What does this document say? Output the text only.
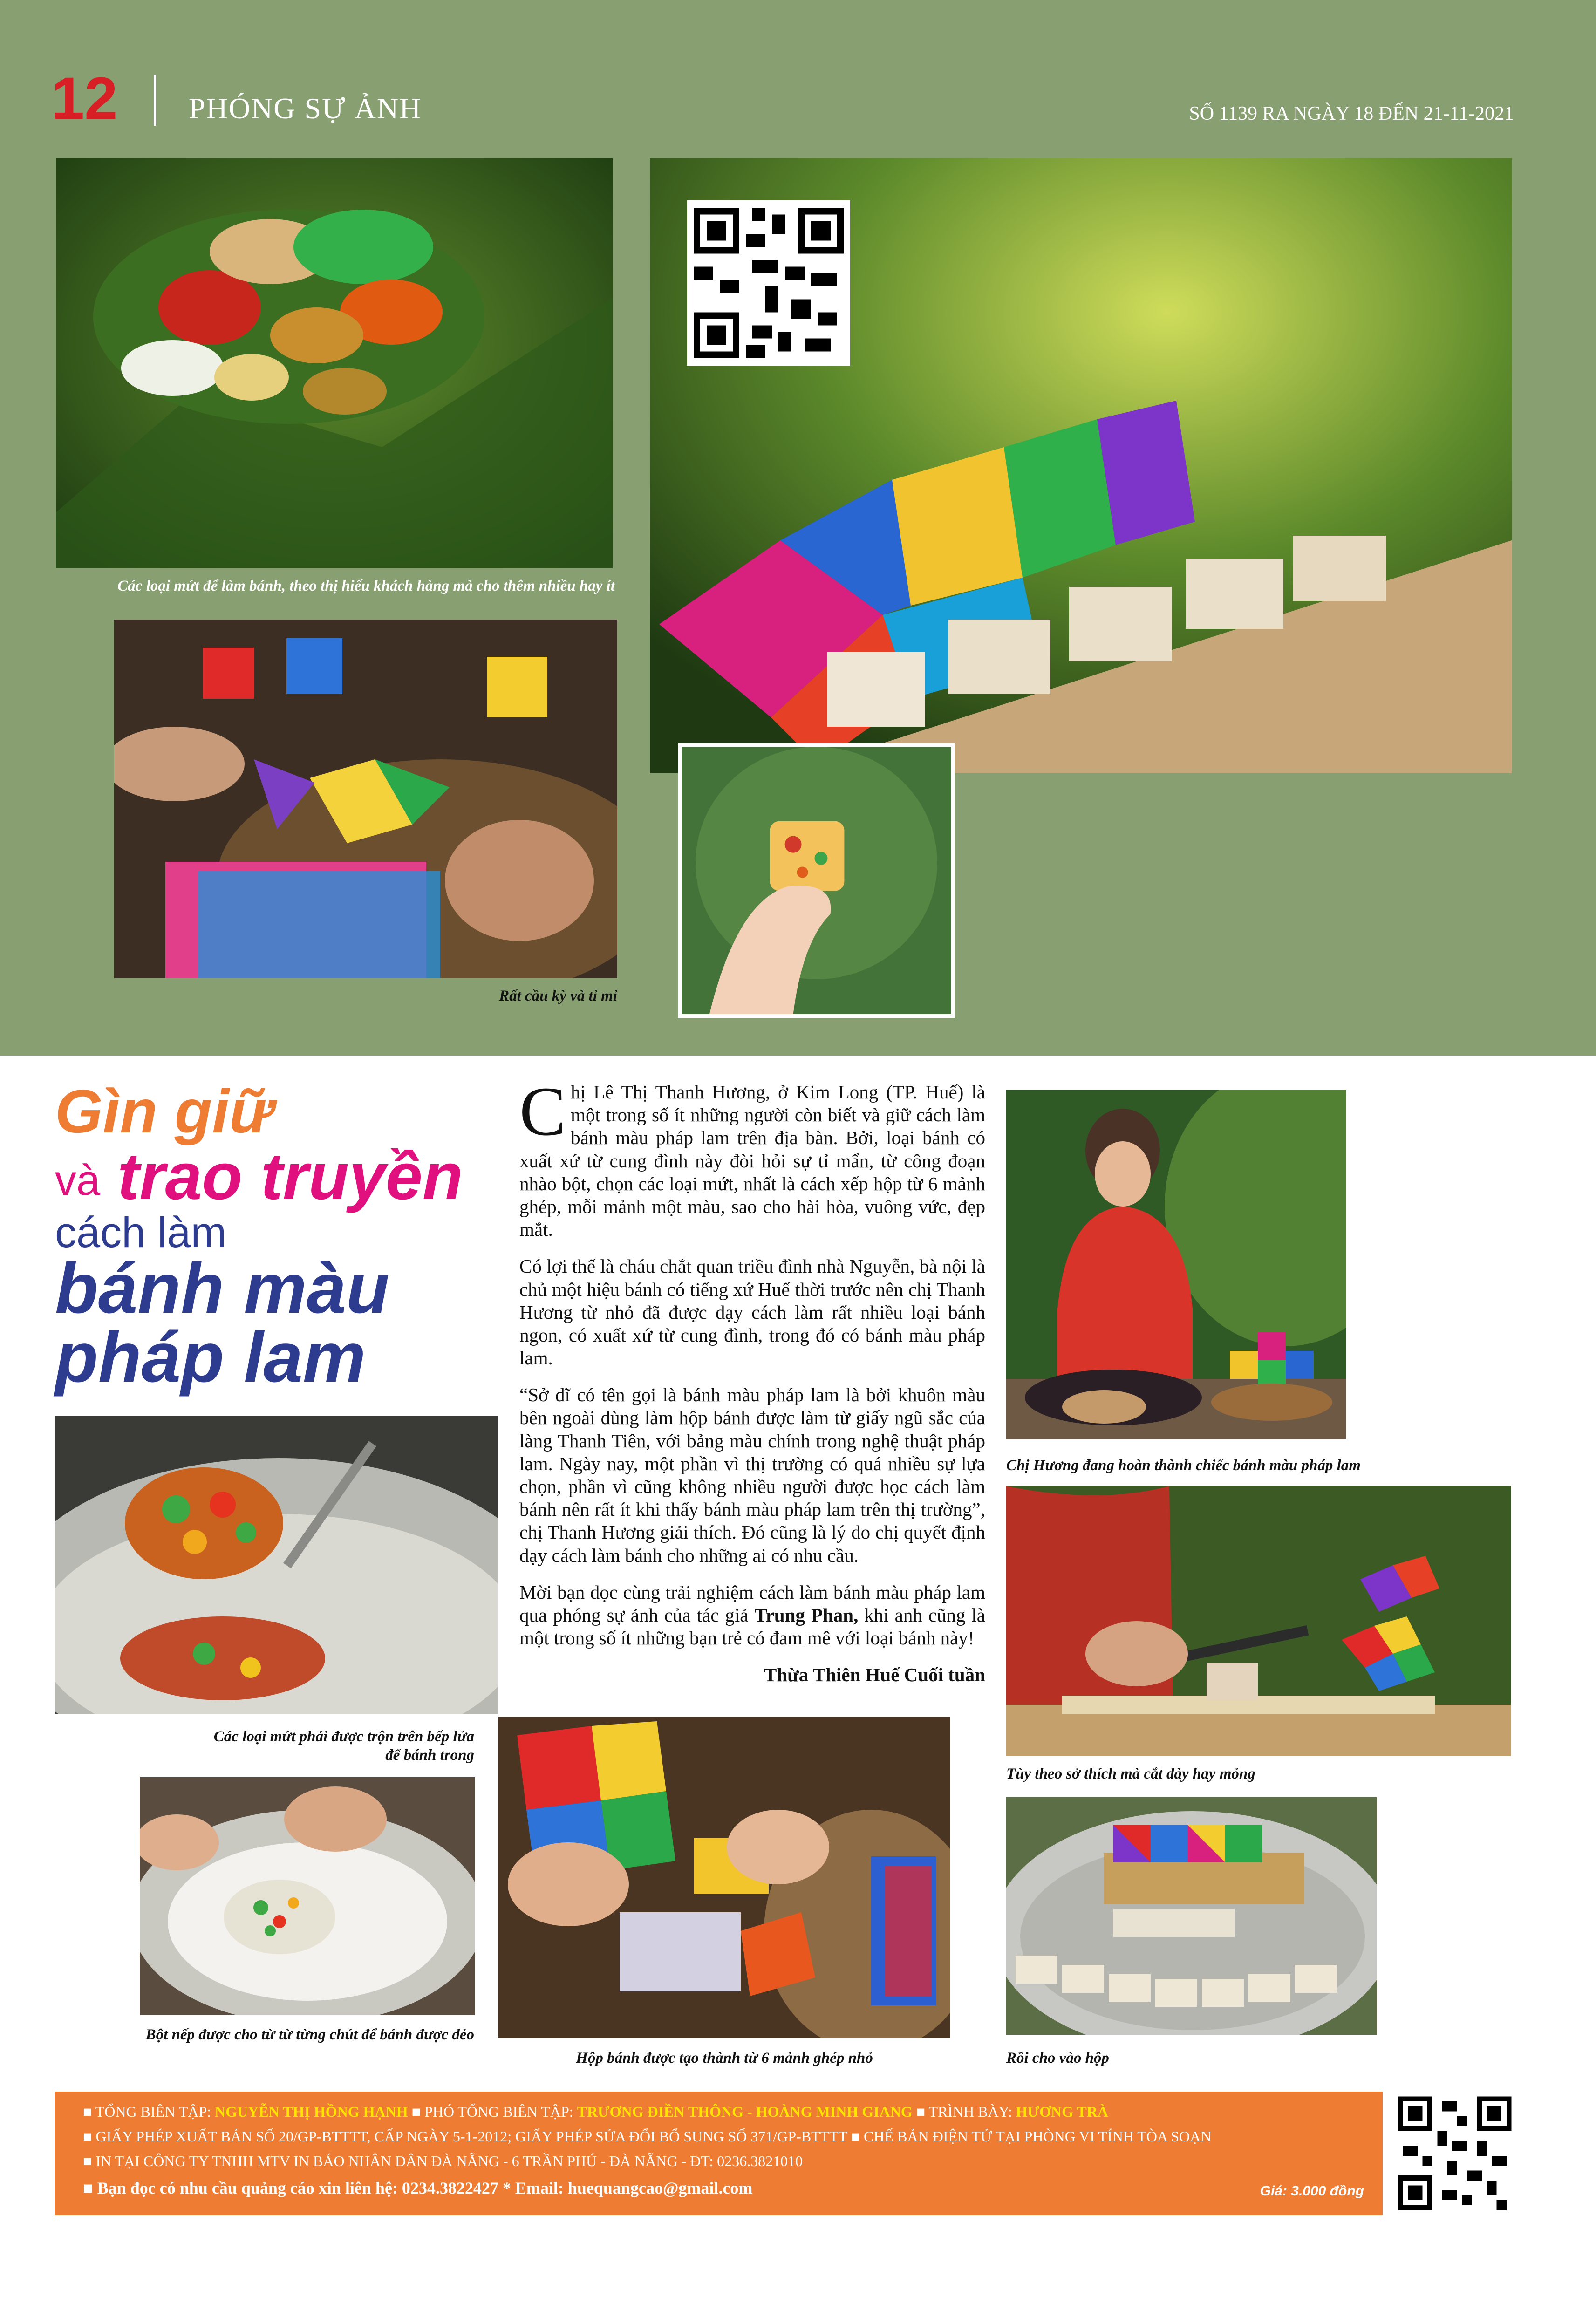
12 PHÓNG SỰ ẢNH	SỐ 1139 RA NGÀY 18 ĐẾN 21-11-2021
Các loại mứt để làm bánh, theo thị hiếu khách hàng mà cho thêm nhiều hay ít
Rất cầu kỳ và tỉ mỉ
Gìn giữ
và trao truyền
cách làm
bánh màu
pháp lam

Chị Lê Thị Thanh Hương, ở Kim Long (TP. Huế) là một trong số ít những người còn biết và giữ cách làm bánh màu pháp lam trên địa bàn. Bởi, loại bánh có xuất xứ từ cung đình này đòi hỏi sự tỉ mẩn, từ công đoạn nhào bột, chọn các loại mứt, nhất là cách xếp hộp từ 6 mảnh ghép, mỗi mảnh một màu, sao cho hài hòa, vuông vức, đẹp mắt.

Có lợi thế là cháu chắt quan triều đình nhà Nguyễn, bà nội là chủ một hiệu bánh có tiếng xứ Huế thời trước nên chị Thanh Hương từ nhỏ đã được dạy cách làm rất nhiều loại bánh ngon, có xuất xứ từ cung đình, trong đó có bánh màu pháp lam.

“Sở dĩ có tên gọi là bánh màu pháp lam là bởi khuôn màu bên ngoài dùng làm hộp bánh được làm từ giấy ngũ sắc của làng Thanh Tiên, với bảng màu chính trong nghệ thuật pháp lam. Ngày nay, một phần vì thị trường có quá nhiều sự lựa chọn, phần vì cũng không nhiều người được học cách làm bánh nên rất ít khi thấy bánh màu pháp lam trên thị trường”, chị Thanh Hương giải thích. Đó cũng là lý do chị quyết định dạy cách làm bánh cho những ai có nhu cầu.

Mời bạn đọc cùng trải nghiệm cách làm bánh màu pháp lam qua phóng sự ảnh của tác giả Trung Phan, khi anh cũng là một trong số ít những bạn trẻ có đam mê với loại bánh này!

Thừa Thiên Huế Cuối tuần
Chị Hương đang hoàn thành chiếc bánh màu pháp lam
Các loại mứt phải được trộn trên bếp lửa
để bánh trong
Hộp bánh được tạo thành từ 6 mảnh ghép nhỏ
Tùy theo sở thích mà cắt dày hay mỏng
Bột nếp được cho từ từ từng chút để bánh được dẻo
Rồi cho vào hộp
■ TỔNG BIÊN TẬP: NGUYỄN THỊ HỒNG HẠNH ■ PHÓ TỔNG BIÊN TẬP: TRƯƠNG ĐIỀN THÔNG - HOÀNG MINH GIANG ■ TRÌNH BÀY: HƯƠNG TRÀ
■ GIẤY PHÉP XUẤT BẢN SỐ 20/GP-BTTTT, CẤP NGÀY 5-1-2012; GIẤY PHÉP SỬA ĐỔI BỔ SUNG SỐ 371/GP-BTTTT ■ CHẾ BẢN ĐIỆN TỬ TẠI PHÒNG VI TÍNH TÒA SOẠN
■ IN TẠI CÔNG TY TNHH MTV IN BÁO NHÂN DÂN ĐÀ NẴNG - 6 TRẦN PHÚ - ĐÀ NẴNG - ĐT: 0236.3821010
■ Bạn đọc có nhu cầu quảng cáo xin liên hệ: 0234.3822427 * Email: huequangcao@gmail.com	Giá: 3.000 đồng
